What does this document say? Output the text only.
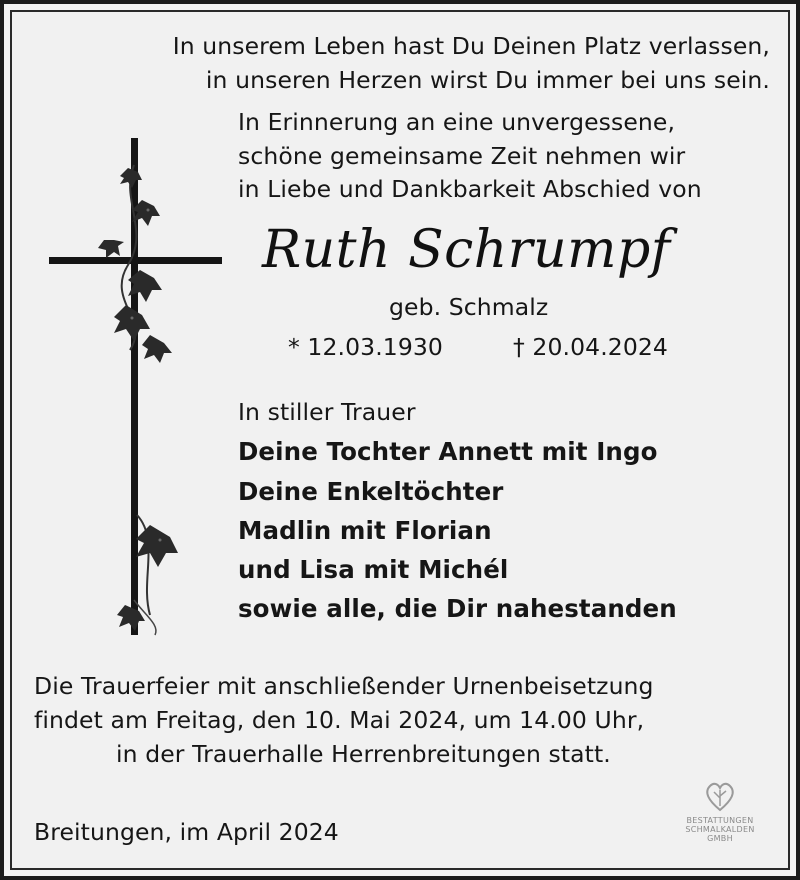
In unserem Leben hast Du Deinen Platz verlassen,
in unseren Herzen wirst Du immer bei uns sein.
In Erinnerung an eine unvergessene,
schöne gemeinsame Zeit nehmen wir
in Liebe und Dankbarkeit Abschied von
Ruth Schrumpf
geb. Schmalz
* 12.03.1930	† 20.04.2024
In stiller Trauer
Deine Tochter Annett mit Ingo
Deine Enkeltöchter
Madlin mit Florian
und Lisa mit Michél
sowie alle, die Dir nahestanden
Die Trauerfeier mit anschließender Urnenbeisetzung
findet am Freitag, den 10. Mai 2024, um 14.00 Uhr,
in der Trauerhalle Herrenbreitungen statt.
Breitungen, im April 2024	BESTATTUNGEN
SCHMALKALDEN
GMBH
